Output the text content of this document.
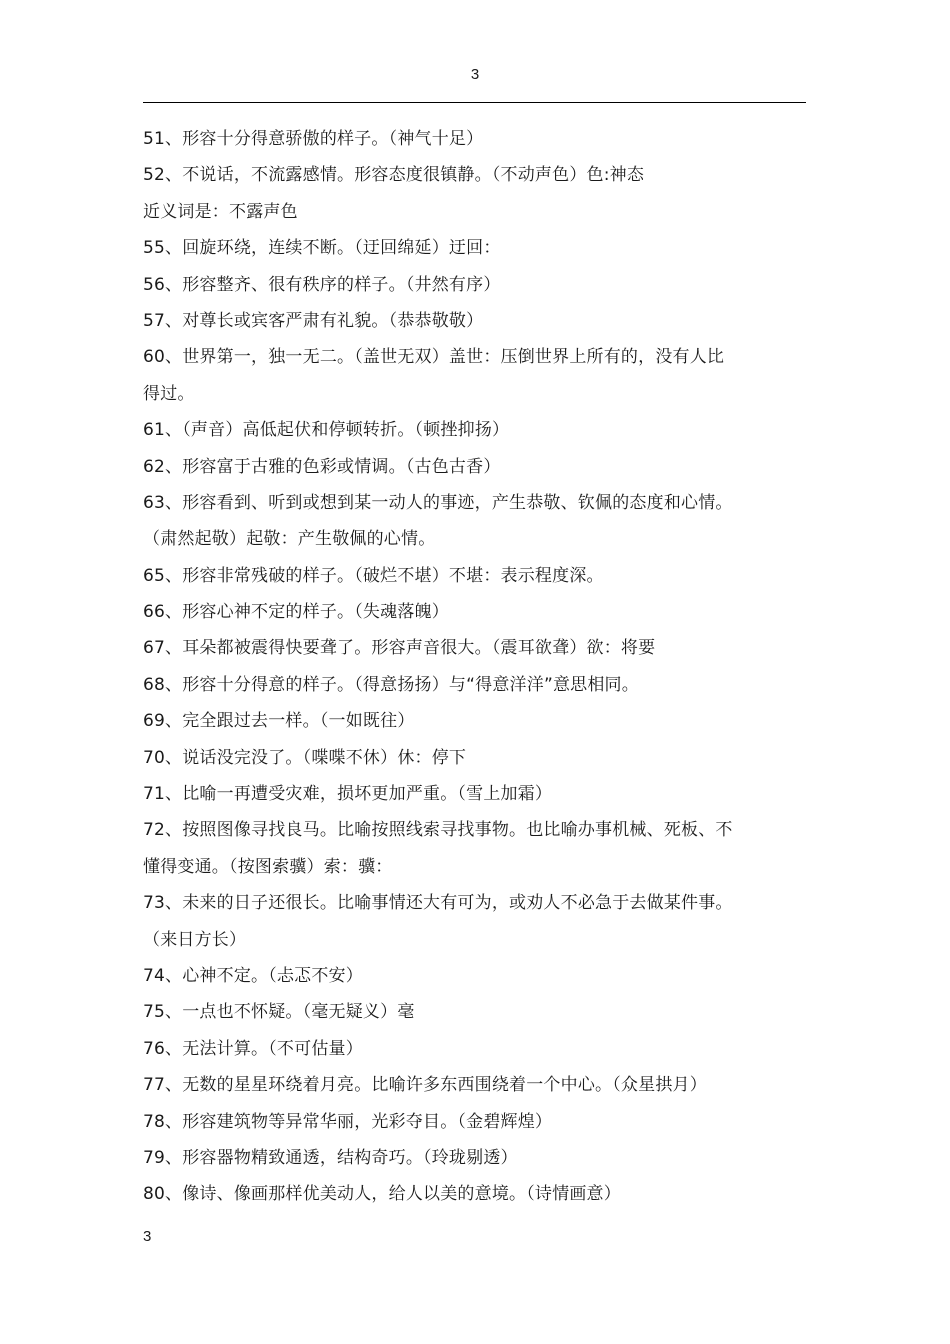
3
51、形容十分得意骄傲的样子。（神气十足）
52、不说话，不流露感情。形容态度很镇静。（不动声色）色:神态
近义词是：不露声色
55、回旋环绕，连续不断。（迂回绵延）迂回：
56、形容整齐、很有秩序的样子。（井然有序）
57、对尊长或宾客严肃有礼貌。（恭恭敬敬）
60、世界第一，独一无二。（盖世无双）盖世：压倒世界上所有的，没有人比
得过。
61、（声音）高低起伏和停顿转折。（顿挫抑扬）
62、形容富于古雅的色彩或情调。（古色古香）
63、形容看到、听到或想到某一动人的事迹，产生恭敬、钦佩的态度和心情。
（肃然起敬）起敬：产生敬佩的心情。
65、形容非常残破的样子。（破烂不堪）不堪：表示程度深。
66、形容心神不定的样子。（失魂落魄）
67、耳朵都被震得快要聋了。形容声音很大。（震耳欲聋）欲：将要
68、形容十分得意的样子。（得意扬扬）与“得意洋洋”意思相同。
69、完全跟过去一样。（一如既往）
70、说话没完没了。（喋喋不休）休：停下
71、比喻一再遭受灾难，损坏更加严重。（雪上加霜）
72、按照图像寻找良马。比喻按照线索寻找事物。也比喻办事机械、死板、不
懂得变通。（按图索骥）索：骥：
73、未来的日子还很长。比喻事情还大有可为，或劝人不必急于去做某件事。
（来日方长）
74、心神不定。（忐忑不安）
75、一点也不怀疑。（毫无疑义）毫
76、无法计算。（不可估量）
77、无数的星星环绕着月亮。比喻许多东西围绕着一个中心。（众星拱月）
78、形容建筑物等异常华丽，光彩夺目。（金碧辉煌）
79、形容器物精致通透，结构奇巧。（玲珑剔透）
80、像诗、像画那样优美动人，给人以美的意境。（诗情画意）
3
